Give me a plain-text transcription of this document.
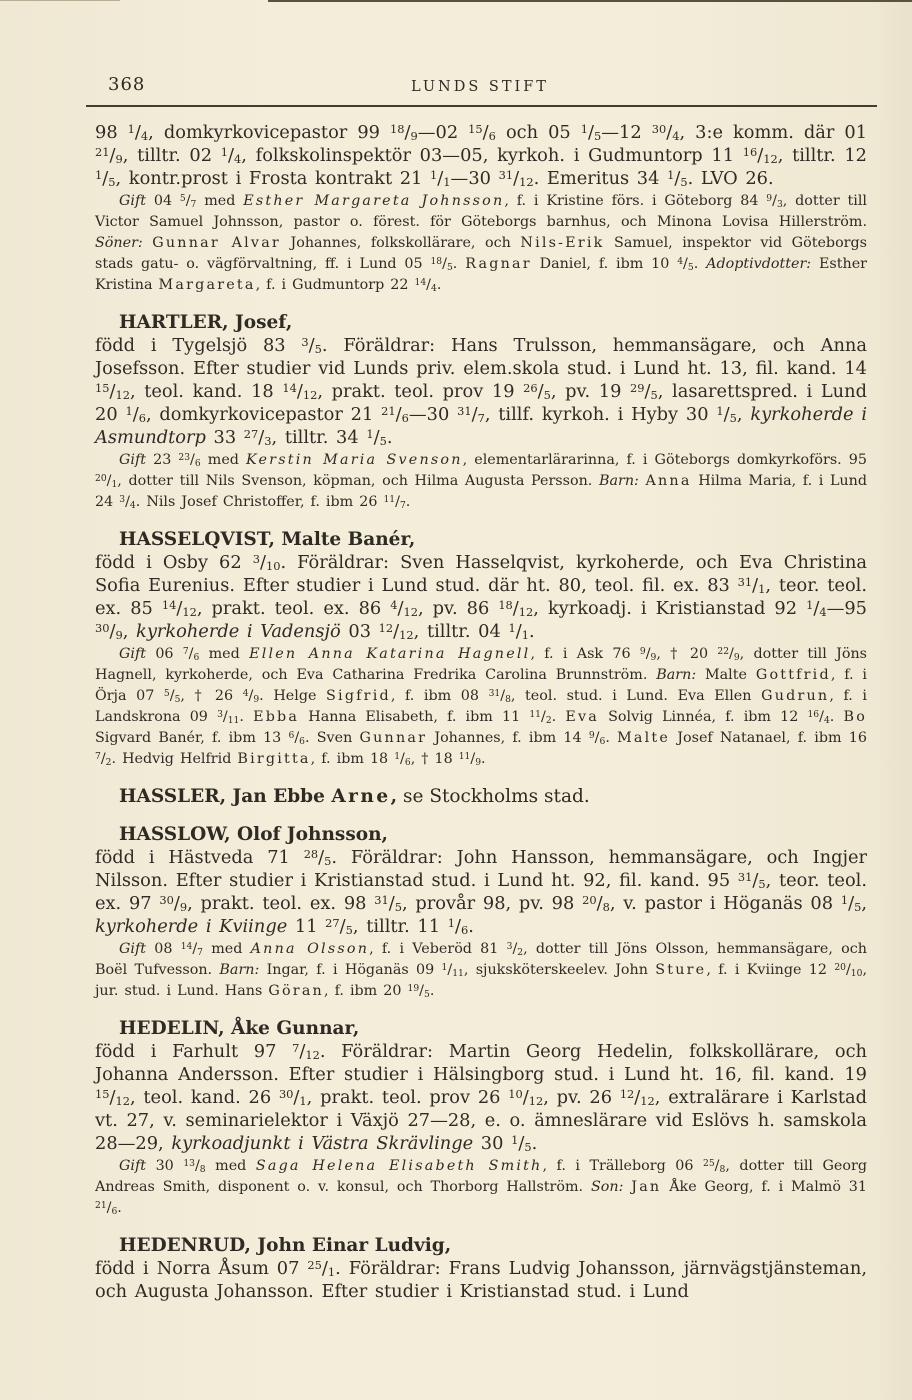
368	LUNDS STIFT

98 $^1/_4$, domkyrkovicepastor 99 $^{18}/_9—02$ $^{15}/_6$ och 05 $^1/_5—12$ $^{30}/_4$, 3:e komm. där 01 $^{21}/_9$, tilltr. 02 $^1/_4$, folkskolinspektör 03—05, kyrkoh. i Gudmuntorp 11 $^{16}/_{12}$, tilltr. 12 $^1/_5$, kontr.prost i Frosta kontrakt 21 $^1/_1—30$ $^{31}/_{12}$. Emeritus 34 $^1/_5$. LVO 26.

Gift 04 $^5/_7$ med Esther Margareta Johnsson, f. i Kristine förs. i Göteborg 84 $^9/_3$, dotter till Victor Samuel Johnsson, pastor o. förest. för Göteborgs barnhus, och Minona Lovisa Hillerström. Söner: Gunnar Alvar Johannes, folkskollärare, och Nils-Erik Samuel, inspektor vid Göteborgs stads gatu- o. vägförvaltning, ff. i Lund 05 $^{18}/_5$. Ragnar Daniel, f. ibm 10 $^4/_5$. Adoptivdotter: Esther Kristina Margareta, f. i Gudmuntorp 22 $^{14}/_4$.

HARTLER, Josef,

född i Tygelsjö 83 $^3/_5$. Föräldrar: Hans Trulsson, hemmansägare, och Anna Josefsson. Efter studier vid Lunds priv. elem.skola stud. i Lund ht. 13, fil. kand. 14 $^{15}/_{12}$, teol. kand. 18 $^{14}/_{12}$, prakt. teol. prov 19 $^{26}/_5$, pv. 19 $^{29}/_5$, lasarettspred. i Lund 20 $^1/_6$, domkyrkovicepastor 21 $^{21}/_6—30$ $^{31}/_7$, tillf. kyrkoh. i Hyby 30 $^1/_5$, kyrkoherde i Asmundtorp 33 $^{27}/_3$, tilltr. 34 $^1/_5$.

Gift 23 $^{23}/_6$ med Kerstin Maria Svenson, elementarlärarinna, f. i Göteborgs domkyrkoförs. 95 $^{20}/_1$, dotter till Nils Svenson, köpman, och Hilma Augusta Persson. Barn: Anna Hilma Maria, f. i Lund 24 $^3/_4$. Nils Josef Christoffer, f. ibm 26 $^{11}/_7$.

HASSELQVIST, Malte Banér,

född i Osby 62 $^3/_{10}$. Föräldrar: Sven Hasselqvist, kyrkoherde, och Eva Christina Sofia Eurenius. Efter studier i Lund stud. där ht. 80, teol. fil. ex. 83 $^{31}/_1$, teor. teol. ex. 85 $^{14}/_{12}$, prakt. teol. ex. 86 $^4/_{12}$, pv. 86 $^{18}/_{12}$, kyrkoadj. i Kristianstad 92 $^1/_4—95$ $^{30}/_9$, kyrkoherde i Vadensjö 03 $^{12}/_{12}$, tilltr. 04 $^1/_1$.

Gift 06 $^7/_6$ med Ellen Anna Katarina Hagnell, f. i Ask 76 $^9/_9$, † 20 $^{22}/_9$, dotter till Jöns Hagnell, kyrkoherde, och Eva Catharina Fredrika Carolina Brunnström. Barn: Malte Gottfrid, f. i Örja 07 $^5/_5$, † 26 $^4/_9$. Helge Sigfrid, f. ibm 08 $^{31}/_8$, teol. stud. i Lund. Eva Ellen Gudrun, f. i Landskrona 09 $^3/_{11}$. Ebba Hanna Elisabeth, f. ibm 11 $^{11}/_2$. Eva Solvig Linnéa, f. ibm 12 $^{16}/_4$. Bo Sigvard Banér, f. ibm 13 $^6/_6$. Sven Gunnar Johannes, f. ibm 14 $^9/_6$. Malte Josef Natanael, f. ibm 16 $^7/_2$. Hedvig Helfrid Birgitta, f. ibm 18 $^1/_6$, † 18 $^{11}/_9$.

HASSLER, Jan Ebbe Arne, se Stockholms stad.

HASSLOW, Olof Johnsson,

född i Hästveda 71 $^{28}/_5$. Föräldrar: John Hansson, hemmansägare, och Ingjer Nilsson. Efter studier i Kristianstad stud. i Lund ht. 92, fil. kand. 95 $^{31}/_5$, teor. teol. ex. 97 $^{30}/_9$, prakt. teol. ex. 98 $^{31}/_5$, provår 98, pv. 98 $^{20}/_8$, v. pastor i Höganäs 08 $^1/_5$, kyrkoherde i Kviinge 11 $^{27}/_5$, tilltr. 11 $^1/_6$.

Gift 08 $^{14}/_7$ med Anna Olsson, f. i Veberöd 81 $^3/_2$, dotter till Jöns Olsson, hemmansägare, och Boël Tufvesson. Barn: Ingar, f. i Höganäs 09 $^1/_{11}$, sjuksköterskeelev. John Sture, f. i Kviinge 12 $^{20}/_{10}$, jur. stud. i Lund. Hans Göran, f. ibm 20 $^{19}/_5$.

HEDELIN, Åke Gunnar,

född i Farhult 97 $^7/_{12}$. Föräldrar: Martin Georg Hedelin, folkskollärare, och Johanna Andersson. Efter studier i Hälsingborg stud. i Lund ht. 16, fil. kand. 19 $^{15}/_{12}$, teol. kand. 26 $^{30}/_1$, prakt. teol. prov 26 $^{10}/_{12}$, pv. 26 $^{12}/_{12}$, extralärare i Karlstad vt. 27, v. seminarielektor i Växjö 27—28, e. o. ämneslärare vid Eslövs h. samskola 28—29, kyrkoadjunkt i Västra Skrävlinge 30 $^1/_5$.

Gift 30 $^{13}/_8$ med Saga Helena Elisabeth Smith, f. i Trälleborg 06 $^{25}/_8$, dotter till Georg Andreas Smith, disponent o. v. konsul, och Thorborg Hallström. Son: Jan Åke Georg, f. i Malmö 31 $^{21}/_6$.

HEDENRUD, John Einar Ludvig,

född i Norra Åsum 07 $^{25}/_1$. Föräldrar: Frans Ludvig Johansson, järnvägstjänsteman, och Augusta Johansson. Efter studier i Kristianstad stud. i Lund
